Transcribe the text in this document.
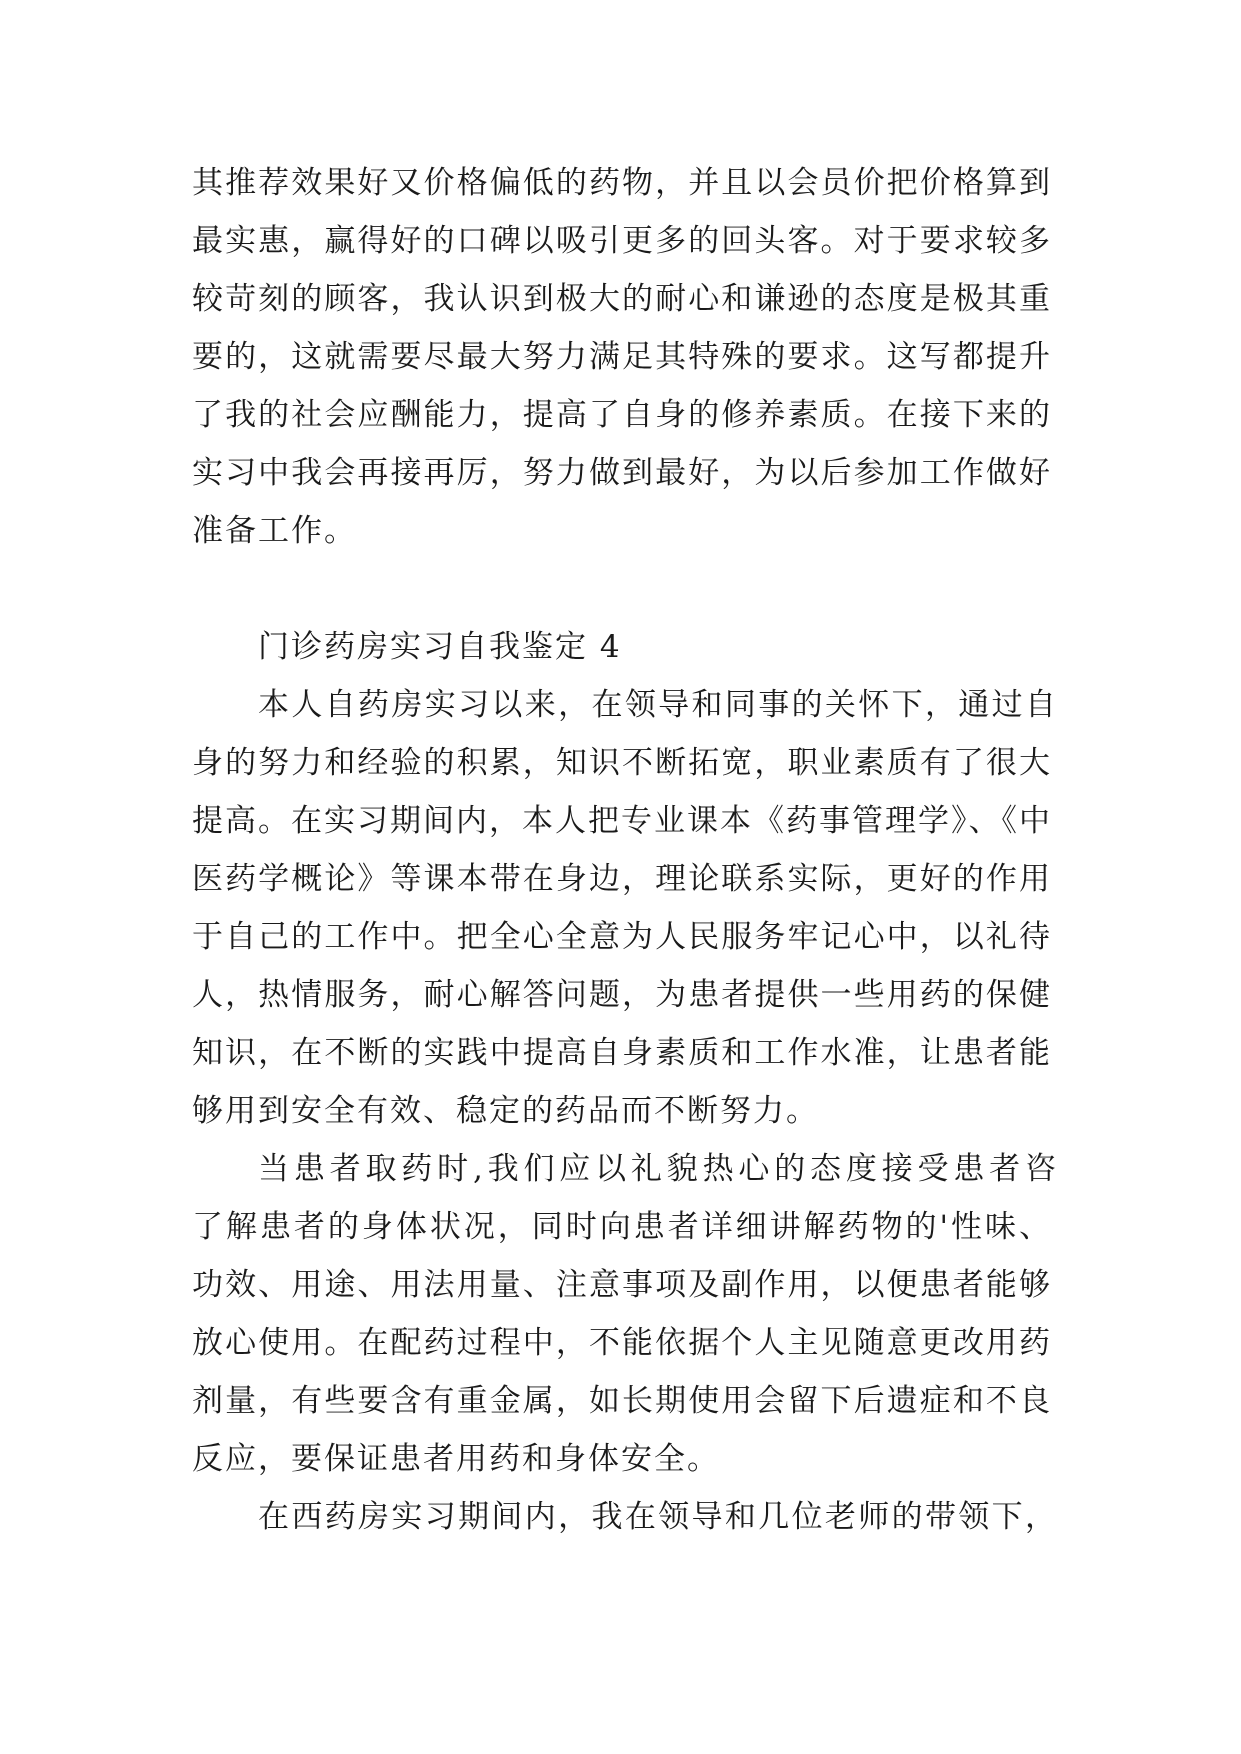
其推荐效果好又价格偏低的药物，并且以会员价把价格算到
最实惠，赢得好的口碑以吸引更多的回头客。对于要求较多
较苛刻的顾客，我认识到极大的耐心和谦逊的态度是极其重
要的，这就需要尽最大努力满足其特殊的要求。这写都提升
了我的社会应酬能力，提高了自身的修养素质。在接下来的
实习中我会再接再厉，努力做到最好，为以后参加工作做好
准备工作。
门诊药房实习自我鉴定 4
本人自药房实习以来，在领导和同事的关怀下，通过自
身的努力和经验的积累，知识不断拓宽，职业素质有了很大
提高。在实习期间内，本人把专业课本《药事管理学》、《中
医药学概论》等课本带在身边，理论联系实际，更好的作用
于自己的工作中。把全心全意为人民服务牢记心中，以礼待
人，热情服务，耐心解答问题，为患者提供一些用药的保健
知识，在不断的实践中提高自身素质和工作水准，让患者能
够用到安全有效、稳定的药品而不断努力。
当患者取药时,我们应以礼貌热心的态度接受患者咨
了解患者的身体状况，同时向患者详细讲解药物的'性味、
功效、用途、用法用量、注意事项及副作用，以便患者能够
放心使用。在配药过程中，不能依据个人主见随意更改用药
剂量，有些要含有重金属，如长期使用会留下后遗症和不良
反应，要保证患者用药和身体安全。
在西药房实习期间内，我在领导和几位老师的带领下，
